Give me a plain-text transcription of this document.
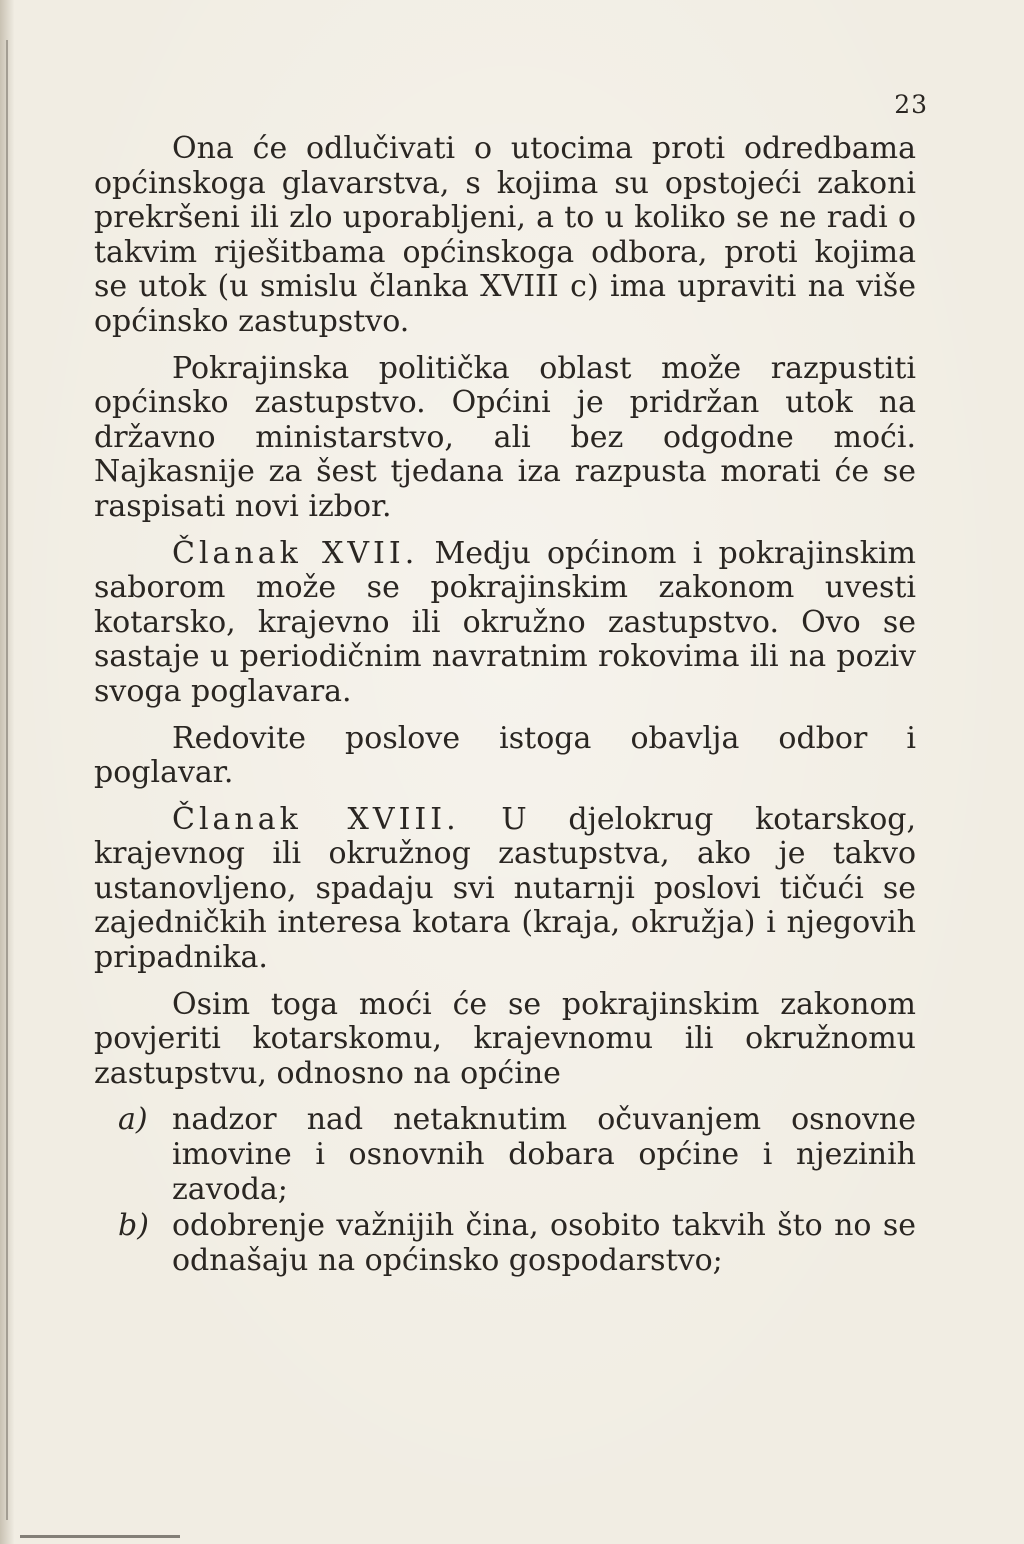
23

Ona će odlučivati o utocima proti odredbama općinskoga glavarstva, s kojima su opstojeći zakoni prekršeni ili zlo uporabljeni, a to u koliko se ne radi o takvim riješitbama općinskoga odbora, proti kojima se utok (u smislu članka XVIII c) ima upraviti na više općinsko zastupstvo.

Pokrajinska politička oblast može razpustiti općinsko zastupstvo. Općini je pridržan utok na državno ministarstvo, ali bez odgodne moći. Najkasnije za šest tjedana iza razpusta morati će se raspisati novi izbor.

Članak XVII. Medju općinom i pokrajinskim saborom može se pokrajinskim zakonom uvesti kotarsko, krajevno ili okružno zastupstvo. Ovo se sastaje u periodičnim navratnim rokovima ili na poziv svoga poglavara.

Redovite poslove istoga obavlja odbor i poglavar.

Članak XVIII. U djelokrug kotarskog, krajevnog ili okružnog zastupstva, ako je takvo ustanovljeno, spadaju svi nutarnji poslovi tičući se zajedničkih interesa kotara (kraja, okružja) i njegovih pripadnika.

Osim toga moći će se pokrajinskim zakonom povjeriti kotarskomu, krajevnomu ili okružnomu zastupstvu, odnosno na općine

a) nadzor nad netaknutim očuvanjem osnovne imovine i osnovnih dobara općine i njezinih zavoda;
b) odobrenje važnijih čina, osobito takvih što no se odnašaju na općinsko gospodarstvo;
